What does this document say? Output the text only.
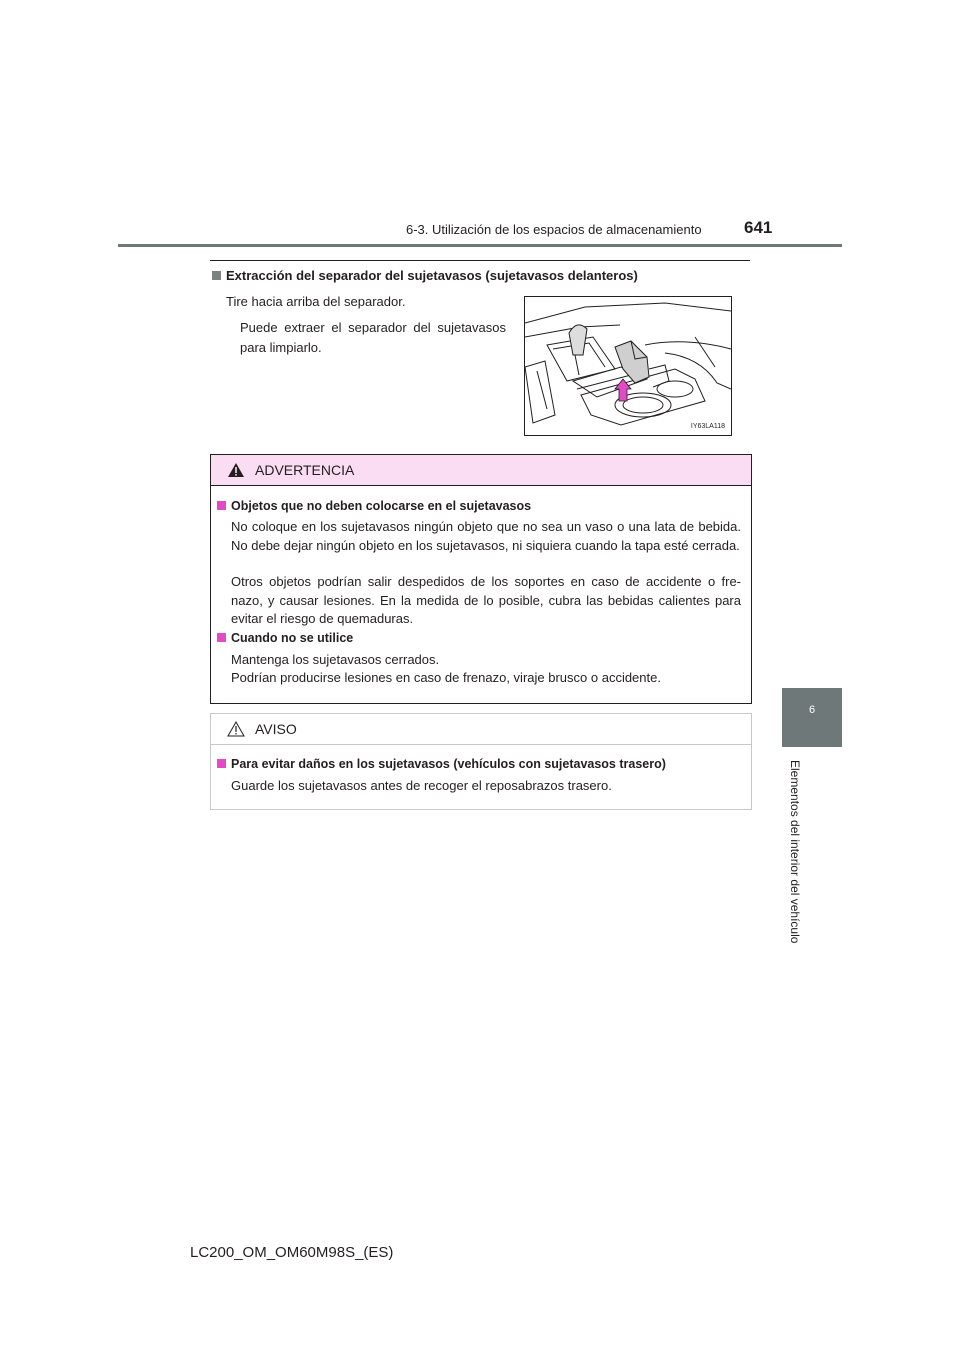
6-3. Utilización de los espacios de almacenamiento 641
6
Elementos del interior del vehículo
Extracción del separador del sujetavasos (sujetavasos delanteros)
Tire hacia arriba del separador.
Puede extraer el separador del sujetavasos para limpiarlo.
IY63LA118
ADVERTENCIA
Objetos que no deben colocarse en el sujetavasos
No coloque en los sujetavasos ningún objeto que no sea un vaso o una lata de bebida. No debe dejar ningún objeto en los sujetavasos, ni siquiera cuando la tapa esté cerrada.
Otros objetos podrían salir despedidos de los soportes en caso de accidente o fre- nazo, y causar lesiones. En la medida de lo posible, cubra las bebidas calientes para evitar el riesgo de quemaduras.
Cuando no se utilice
Mantenga los sujetavasos cerrados.
Podrían producirse lesiones en caso de frenazo, viraje brusco o accidente.
AVISO
Para evitar daños en los sujetavasos (vehículos con sujetavasos trasero)
Guarde los sujetavasos antes de recoger el reposabrazos trasero.
LC200_OM_OM60M98S_(ES)
